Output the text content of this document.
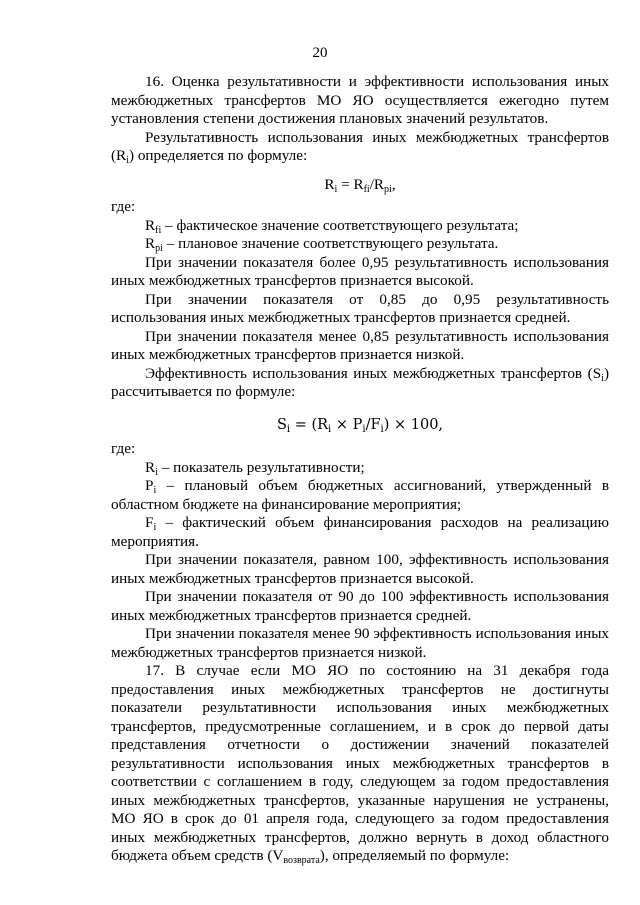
20

16. Оценка результативности и эффективности использования иных межбюджетных трансфертов МО ЯО осуществляется ежегодно путем установления степени достижения плановых значений результатов.

Результативность использования иных межбюджетных трансфертов $(R_i)$ определяется по формуле:

$R_i = R_{fi}/R_{pi}$,

где:

$R_{fi}$ – фактическое значение соответствующего результата;

$R_{pi}$ – плановое значение соответствующего результата.

При значении показателя более 0,95 результативность использования иных межбюджетных трансфертов признается высокой.

При значении показателя от 0,85 до 0,95 результативность использования иных межбюджетных трансфертов признается средней.

При значении показателя менее 0,85 результативность использования иных межбюджетных трансфертов признается низкой.

Эффективность использования иных межбюджетных трансфертов $(S_i)$ рассчитывается по формуле:

$S_i = (R_i \times P_i/F_i) \times 100$,

где:

$R_i$ – показатель результативности;

$P_i$ – плановый объем бюджетных ассигнований, утвержденный в областном бюджете на финансирование мероприятия;

$F_i$ – фактический объем финансирования расходов на реализацию мероприятия.

При значении показателя, равном 100, эффективность использования иных межбюджетных трансфертов признается высокой.

При значении показателя от 90 до 100 эффективность использования иных межбюджетных трансфертов признается средней.

При значении показателя менее 90 эффективность использования иных межбюджетных трансфертов признается низкой.

17. В случае если МО ЯО по состоянию на 31 декабря года предоставления иных межбюджетных трансфертов не достигнуты показатели результативности использования иных межбюджетных трансфертов, предусмотренные соглашением, и в срок до первой даты представления отчетности о достижении значений показателей результативности использования иных межбюджетных трансфертов в соответствии с соглашением в году, следующем за годом предоставления иных межбюджетных трансфертов, указанные нарушения не устранены, МО ЯО в срок до 01 апреля года, следующего за годом предоставления иных межбюджетных трансфертов, должно вернуть в доход областного бюджета объем средств $(V_{возврата})$, определяемый по формуле:
